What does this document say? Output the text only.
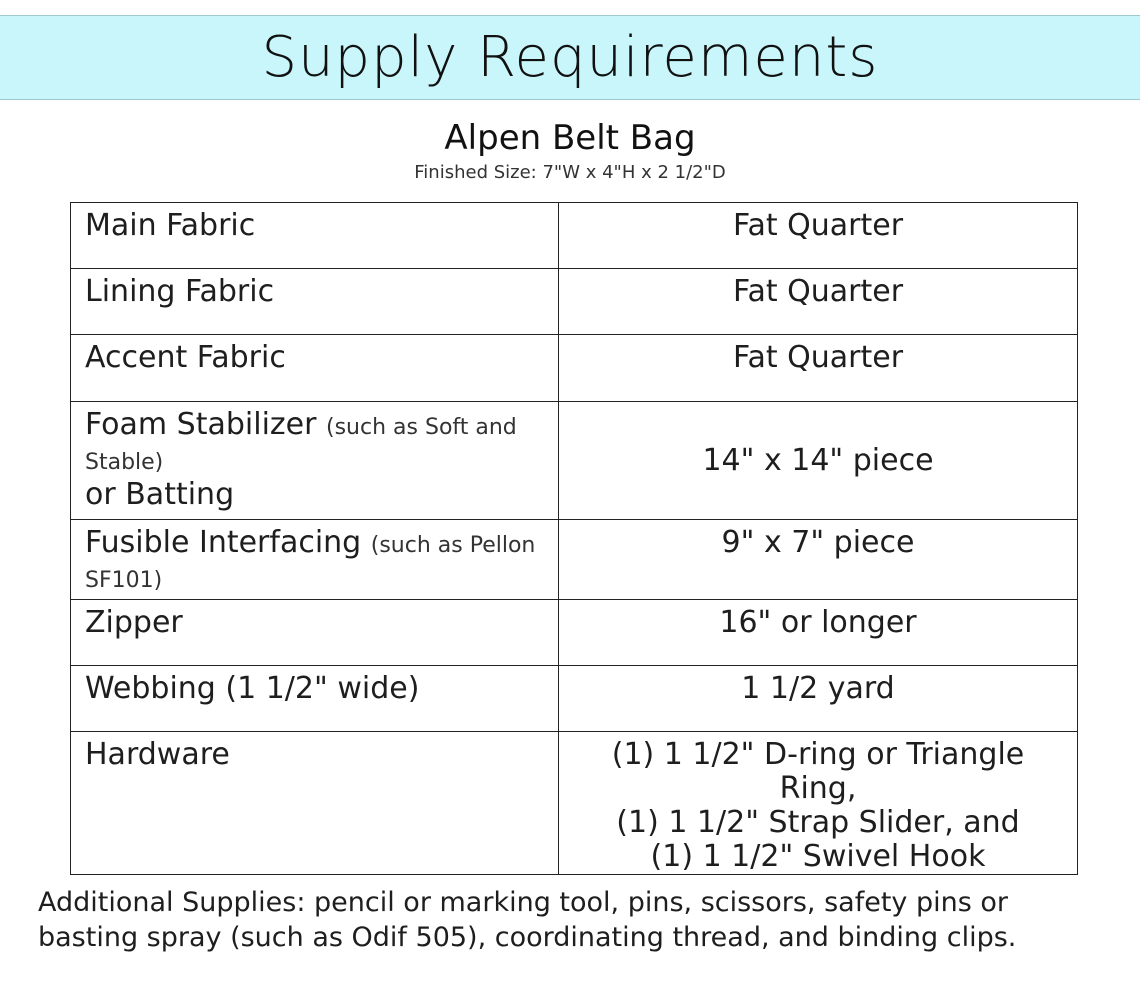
Supply Requirements
Alpen Belt Bag
Finished Size: 7"W x 4"H x 2 1/2"D
Main Fabric	Fat Quarter
Lining Fabric	Fat Quarter
Accent Fabric	Fat Quarter
Foam Stabilizer (such as Soft and Stable)
or Batting	14" x 14" piece
Fusible Interfacing (such as Pellon SF101)	9" x 7" piece
Zipper	16" or longer
Webbing (1 1/2" wide)	1 1/2 yard
Hardware	(1) 1 1/2" D-ring or Triangle Ring,
(1) 1 1/2" Strap Slider, and
(1) 1 1/2" Swivel Hook
Additional Supplies: pencil or marking tool, pins, scissors, safety pins or basting spray (such as Odif 505), coordinating thread, and binding clips.
